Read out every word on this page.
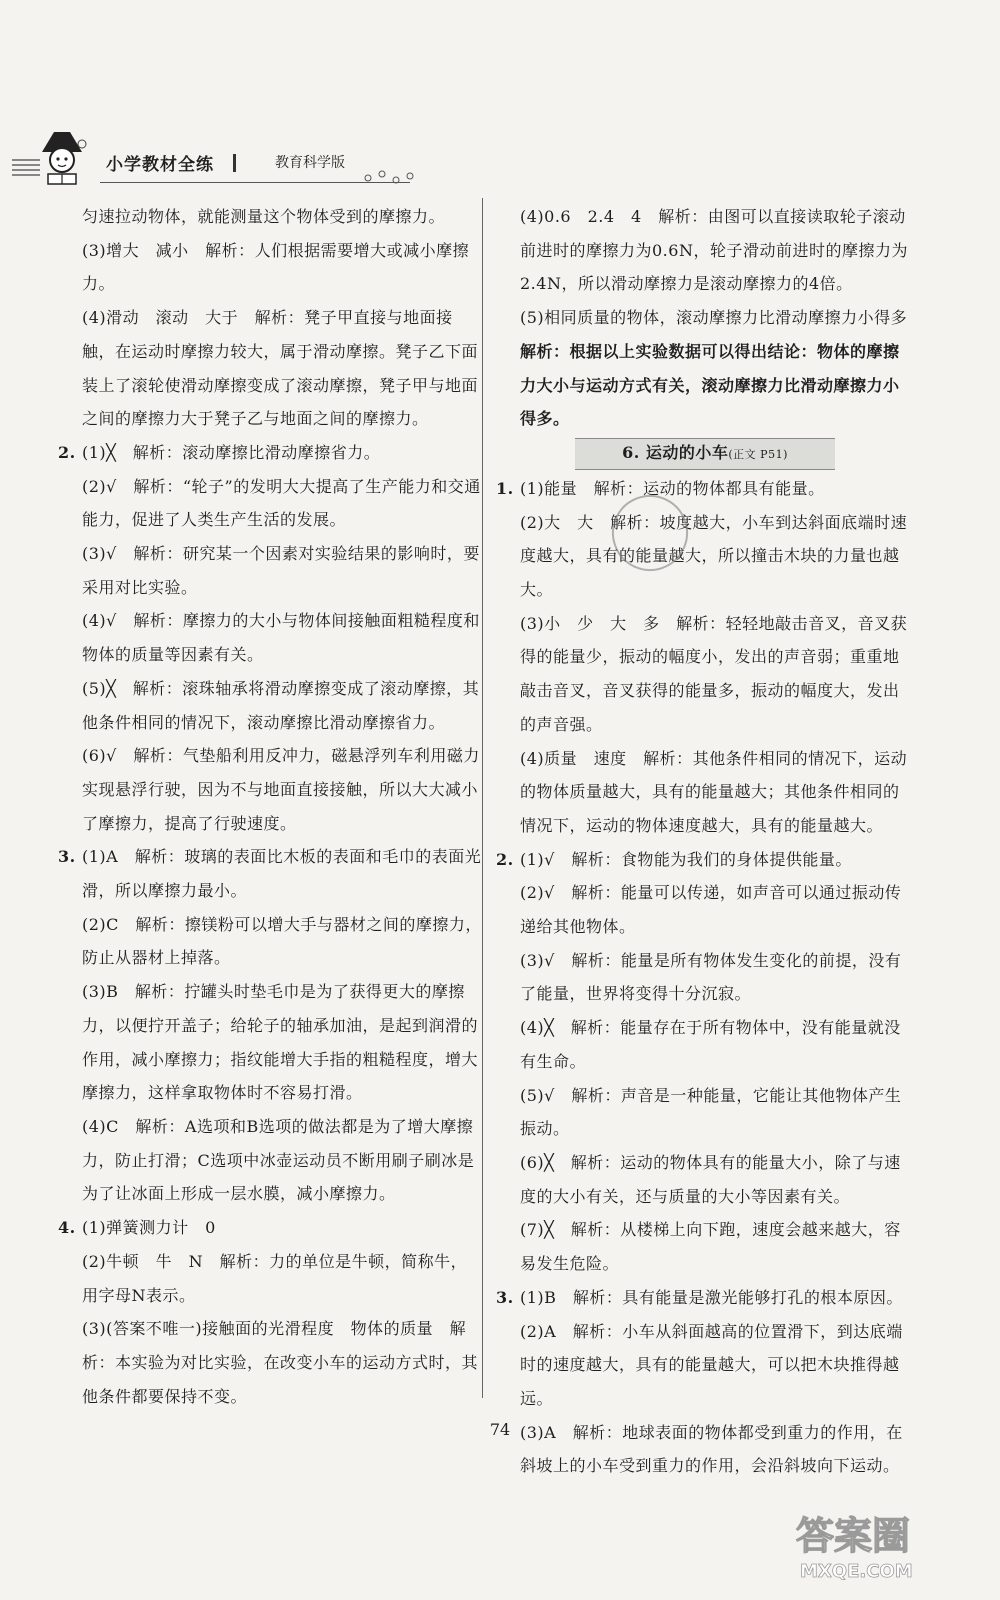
小学教材全练	教育科学版
匀速拉动物体，就能测量这个物体受到的摩擦力。
(3)增大　减小　解析：人们根据需要增大或减小摩擦力。
(4)滑动　滚动　大于　解析：凳子甲直接与地面接触，在运动时摩擦力较大，属于滑动摩擦。凳子乙下面装上了滚轮使滑动摩擦变成了滚动摩擦，凳子甲与地面之间的摩擦力大于凳子乙与地面之间的摩擦力。
2. (1)╳　解析：滚动摩擦比滑动摩擦省力。
(2)√　解析：“轮子”的发明大大提高了生产能力和交通能力，促进了人类生产生活的发展。
(3)√　解析：研究某一个因素对实验结果的影响时，要采用对比实验。
(4)√　解析：摩擦力的大小与物体间接触面粗糙程度和物体的质量等因素有关。
(5)╳　解析：滚珠轴承将滑动摩擦变成了滚动摩擦，其他条件相同的情况下，滚动摩擦比滑动摩擦省力。
(6)√　解析：气垫船利用反冲力，磁悬浮列车利用磁力实现悬浮行驶，因为不与地面直接接触，所以大大减小了摩擦力，提高了行驶速度。
3. (1)A　解析：玻璃的表面比木板的表面和毛巾的表面光滑，所以摩擦力最小。
(2)C　解析：擦镁粉可以增大手与器材之间的摩擦力，防止从器材上掉落。
(3)B　解析：拧罐头时垫毛巾是为了获得更大的摩擦力，以便拧开盖子；给轮子的轴承加油，是起到润滑的作用，减小摩擦力；指纹能增大手指的粗糙程度，增大摩擦力，这样拿取物体时不容易打滑。
(4)C　解析：A选项和B选项的做法都是为了增大摩擦力，防止打滑；C选项中冰壶运动员不断用刷子刷冰是为了让冰面上形成一层水膜，减小摩擦力。
4. (1)弹簧测力计　0
(2)牛顿　牛　N　解析：力的单位是牛顿，简称牛，用字母N表示。
(3)(答案不唯一)接触面的光滑程度　物体的质量　解析：本实验为对比实验，在改变小车的运动方式时，其他条件都要保持不变。
(4)0.6　2.4　4　解析：由图可以直接读取轮子滚动前进时的摩擦力为0.6N，轮子滑动前进时的摩擦力为2.4N，所以滑动摩擦力是滚动摩擦力的4倍。
(5)相同质量的物体，滚动摩擦力比滑动摩擦力小得多
解析：根据以上实验数据可以得出结论：物体的摩擦力大小与运动方式有关，滚动摩擦力比滑动摩擦力小得多。
6. 运动的小车(正文 P51)
1. (1)能量　解析：运动的物体都具有能量。
(2)大　大　解析：坡度越大，小车到达斜面底端时速度越大，具有的能量越大，所以撞击木块的力量也越大。
(3)小　少　大　多　解析：轻轻地敲击音叉，音叉获得的能量少，振动的幅度小，发出的声音弱；重重地敲击音叉，音叉获得的能量多，振动的幅度大，发出的声音强。
(4)质量　速度　解析：其他条件相同的情况下，运动的物体质量越大，具有的能量越大；其他条件相同的情况下，运动的物体速度越大，具有的能量越大。
2. (1)√　解析：食物能为我们的身体提供能量。
(2)√　解析：能量可以传递，如声音可以通过振动传递给其他物体。
(3)√　解析：能量是所有物体发生变化的前提，没有了能量，世界将变得十分沉寂。
(4)╳　解析：能量存在于所有物体中，没有能量就没有生命。
(5)√　解析：声音是一种能量，它能让其他物体产生振动。
(6)╳　解析：运动的物体具有的能量大小，除了与速度的大小有关，还与质量的大小等因素有关。
(7)╳　解析：从楼梯上向下跑，速度会越来越大，容易发生危险。
3. (1)B　解析：具有能量是激光能够打孔的根本原因。
(2)A　解析：小车从斜面越高的位置滑下，到达底端时的速度越大，具有的能量越大，可以把木块推得越远。
(3)A　解析：地球表面的物体都受到重力的作用，在斜坡上的小车受到重力的作用，会沿斜坡向下运动。
74
答案圈
MXQE.COM
